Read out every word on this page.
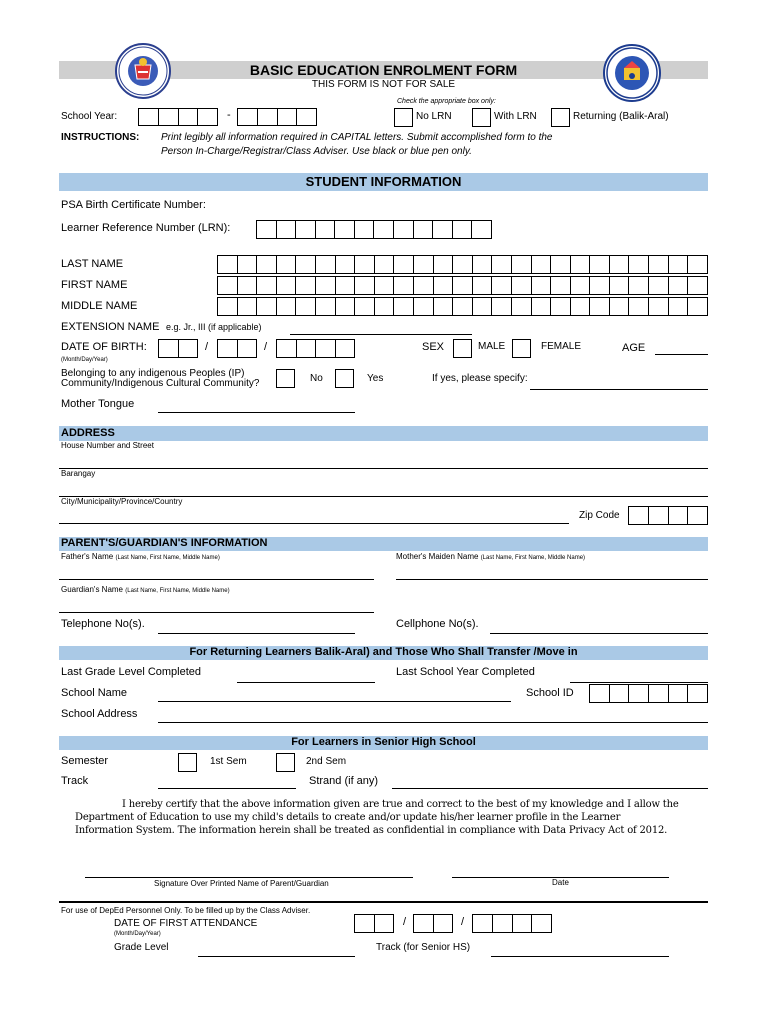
BASIC EDUCATION ENROLMENT FORM
THIS FORM IS NOT FOR SALE
Check the appropriate box only:
School Year:	-	No LRN	With LRN	Returning (Balik-Aral)
INSTRUCTIONS: Print legibly all information required in CAPITAL letters. Submit accomplished form to the
Person In-Charge/Registrar/Class Adviser. Use black or blue pen only.
STUDENT INFORMATION
PSA Birth Certificate Number:
Learner Reference Number (LRN):
LAST NAME
FIRST NAME
MIDDLE NAME
EXTENSION NAME e.g. Jr., III (if applicable)
DATE OF BIRTH:
(Month/Day/Year)
/	/	SEX	MALE	FEMALE	AGE
Belonging to any indigenous Peoples (IP)
Community/Indigenous Cultural Community?	No	Yes	If yes, please specify:
Mother Tongue
ADDRESS
House Number and Street
Barangay
City/Municipality/Province/Country
Zip Code
PARENT'S/GUARDIAN'S INFORMATION
Father's Name (Last Name, First Name, Middle Name)	Mother's Maiden Name (Last Name, First Name, Middle Name)
Guardian's Name (Last Name, First Name, Middle Name)
Telephone No(s).	Cellphone No(s).
For Returning Learners Balik-Aral) and Those Who Shall Transfer /Move in
Last Grade Level Completed	Last School Year Completed
School Name	School ID
School Address
For Learners in Senior High School
Semester	1st Sem	2nd Sem
Track	Strand (if any)
I hereby certify that the above information given are true and correct to the best of my knowledge and I allow the
Department of Education to use my child's details to create and/or update his/her learner profile in the Learner
Information System. The information herein shall be treated as confidential in compliance with Data Privacy Act of 2012.
Signature Over Printed Name of Parent/Guardian	Date
For use of DepEd Personnel Only. To be filled up by the Class Adviser.
DATE OF FIRST ATTENDANCE
(Month/Day/Year)
/	/
Grade Level	Track (for Senior HS)
